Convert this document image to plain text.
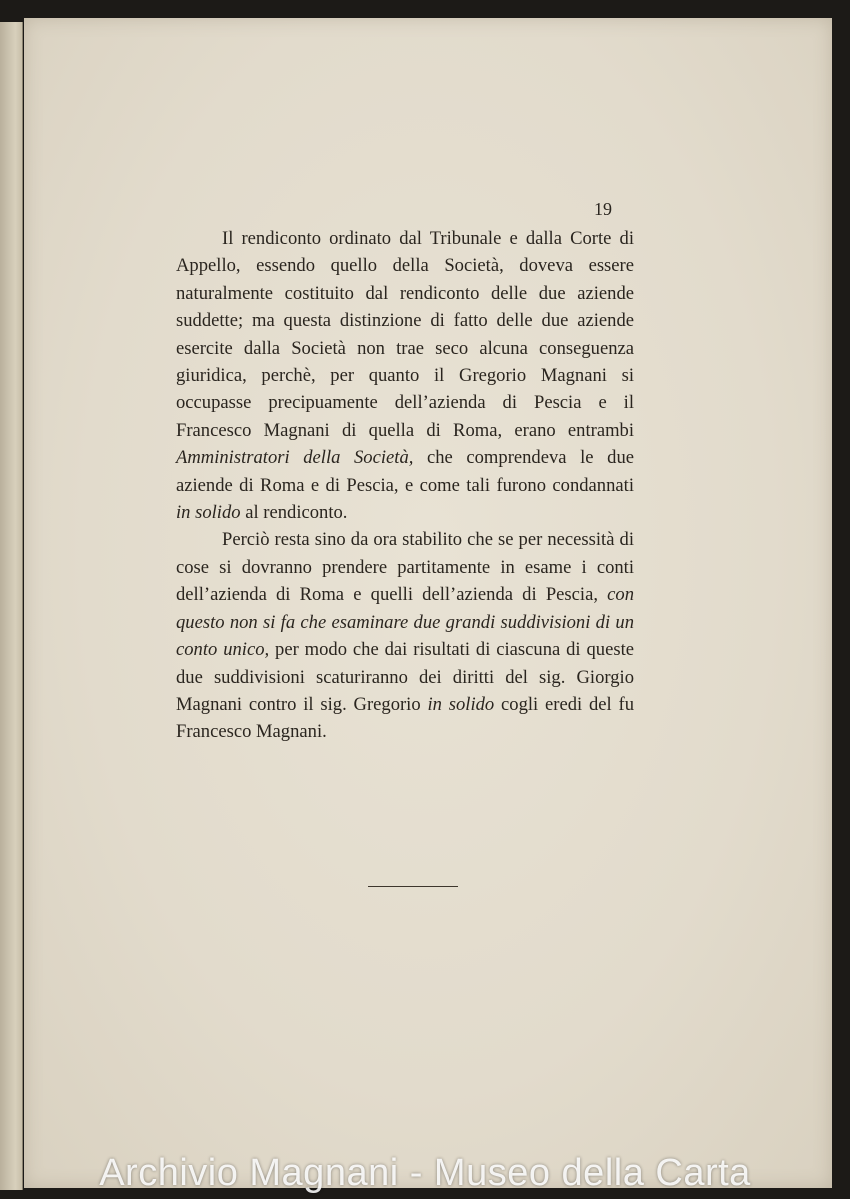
19

Il rendiconto ordinato dal Tribunale e dalla Corte di Appello, essendo quello della Società, doveva essere naturalmente costituito dal rendiconto delle due aziende suddette; ma questa distinzione di fatto delle due aziende esercite dalla Società non trae seco alcuna conseguenza giuridica, perchè, per quanto il Gregorio Magnani si occupasse precipuamente dell’azienda di Pescia e il Francesco Magnani di quella di Roma, erano entrambi Amministratori della Società, che comprendeva le due aziende di Roma e di Pescia, e come tali furono condannati in solido al rendiconto.

Perciò resta sino da ora stabilito che se per necessità di cose si dovranno prendere partitamente in esame i conti dell’azienda di Roma e quelli dell’azienda di Pescia, con questo non si fa che esaminare due grandi suddivisioni di un conto unico, per modo che dai risultati di ciascuna di queste due suddivisioni scaturiranno dei diritti del sig. Giorgio Magnani contro il sig. Gregorio in solido cogli eredi del fu Francesco Magnani.

Archivio Magnani - Museo della Carta
